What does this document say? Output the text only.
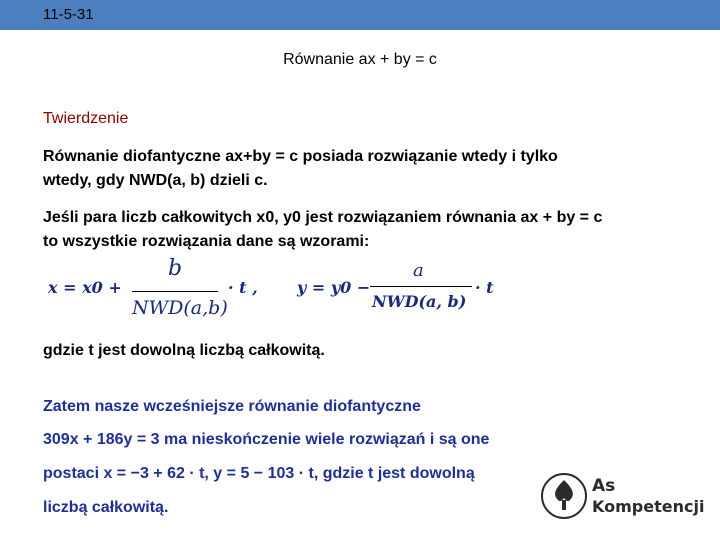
11-5-31
Równanie ax + by = c
Twierdzenie
Równanie diofantyczne ax+by = c posiada rozwiązanie wtedy i tylko
wtedy, gdy NWD(a, b) dzieli c.
Jeśli para liczb całkowitych x0, y0 jest rozwiązaniem równania ax + by = c
to wszystkie rozwiązania dane są wzorami:
x = x0 +
b
NWD(a,b)
· t , y = y0 −
a
NWD(a, b)
· t
gdzie t jest dowolną liczbą całkowitą.
Zatem nasze wcześniejsze równanie diofantyczne
309x + 186y = 3 ma nieskończenie wiele rozwiązań i są one
postaci x = −3 + 62 · t, y = 5 − 103 · t, gdzie t jest dowolną
liczbą całkowitą.
As
Kompetencji
